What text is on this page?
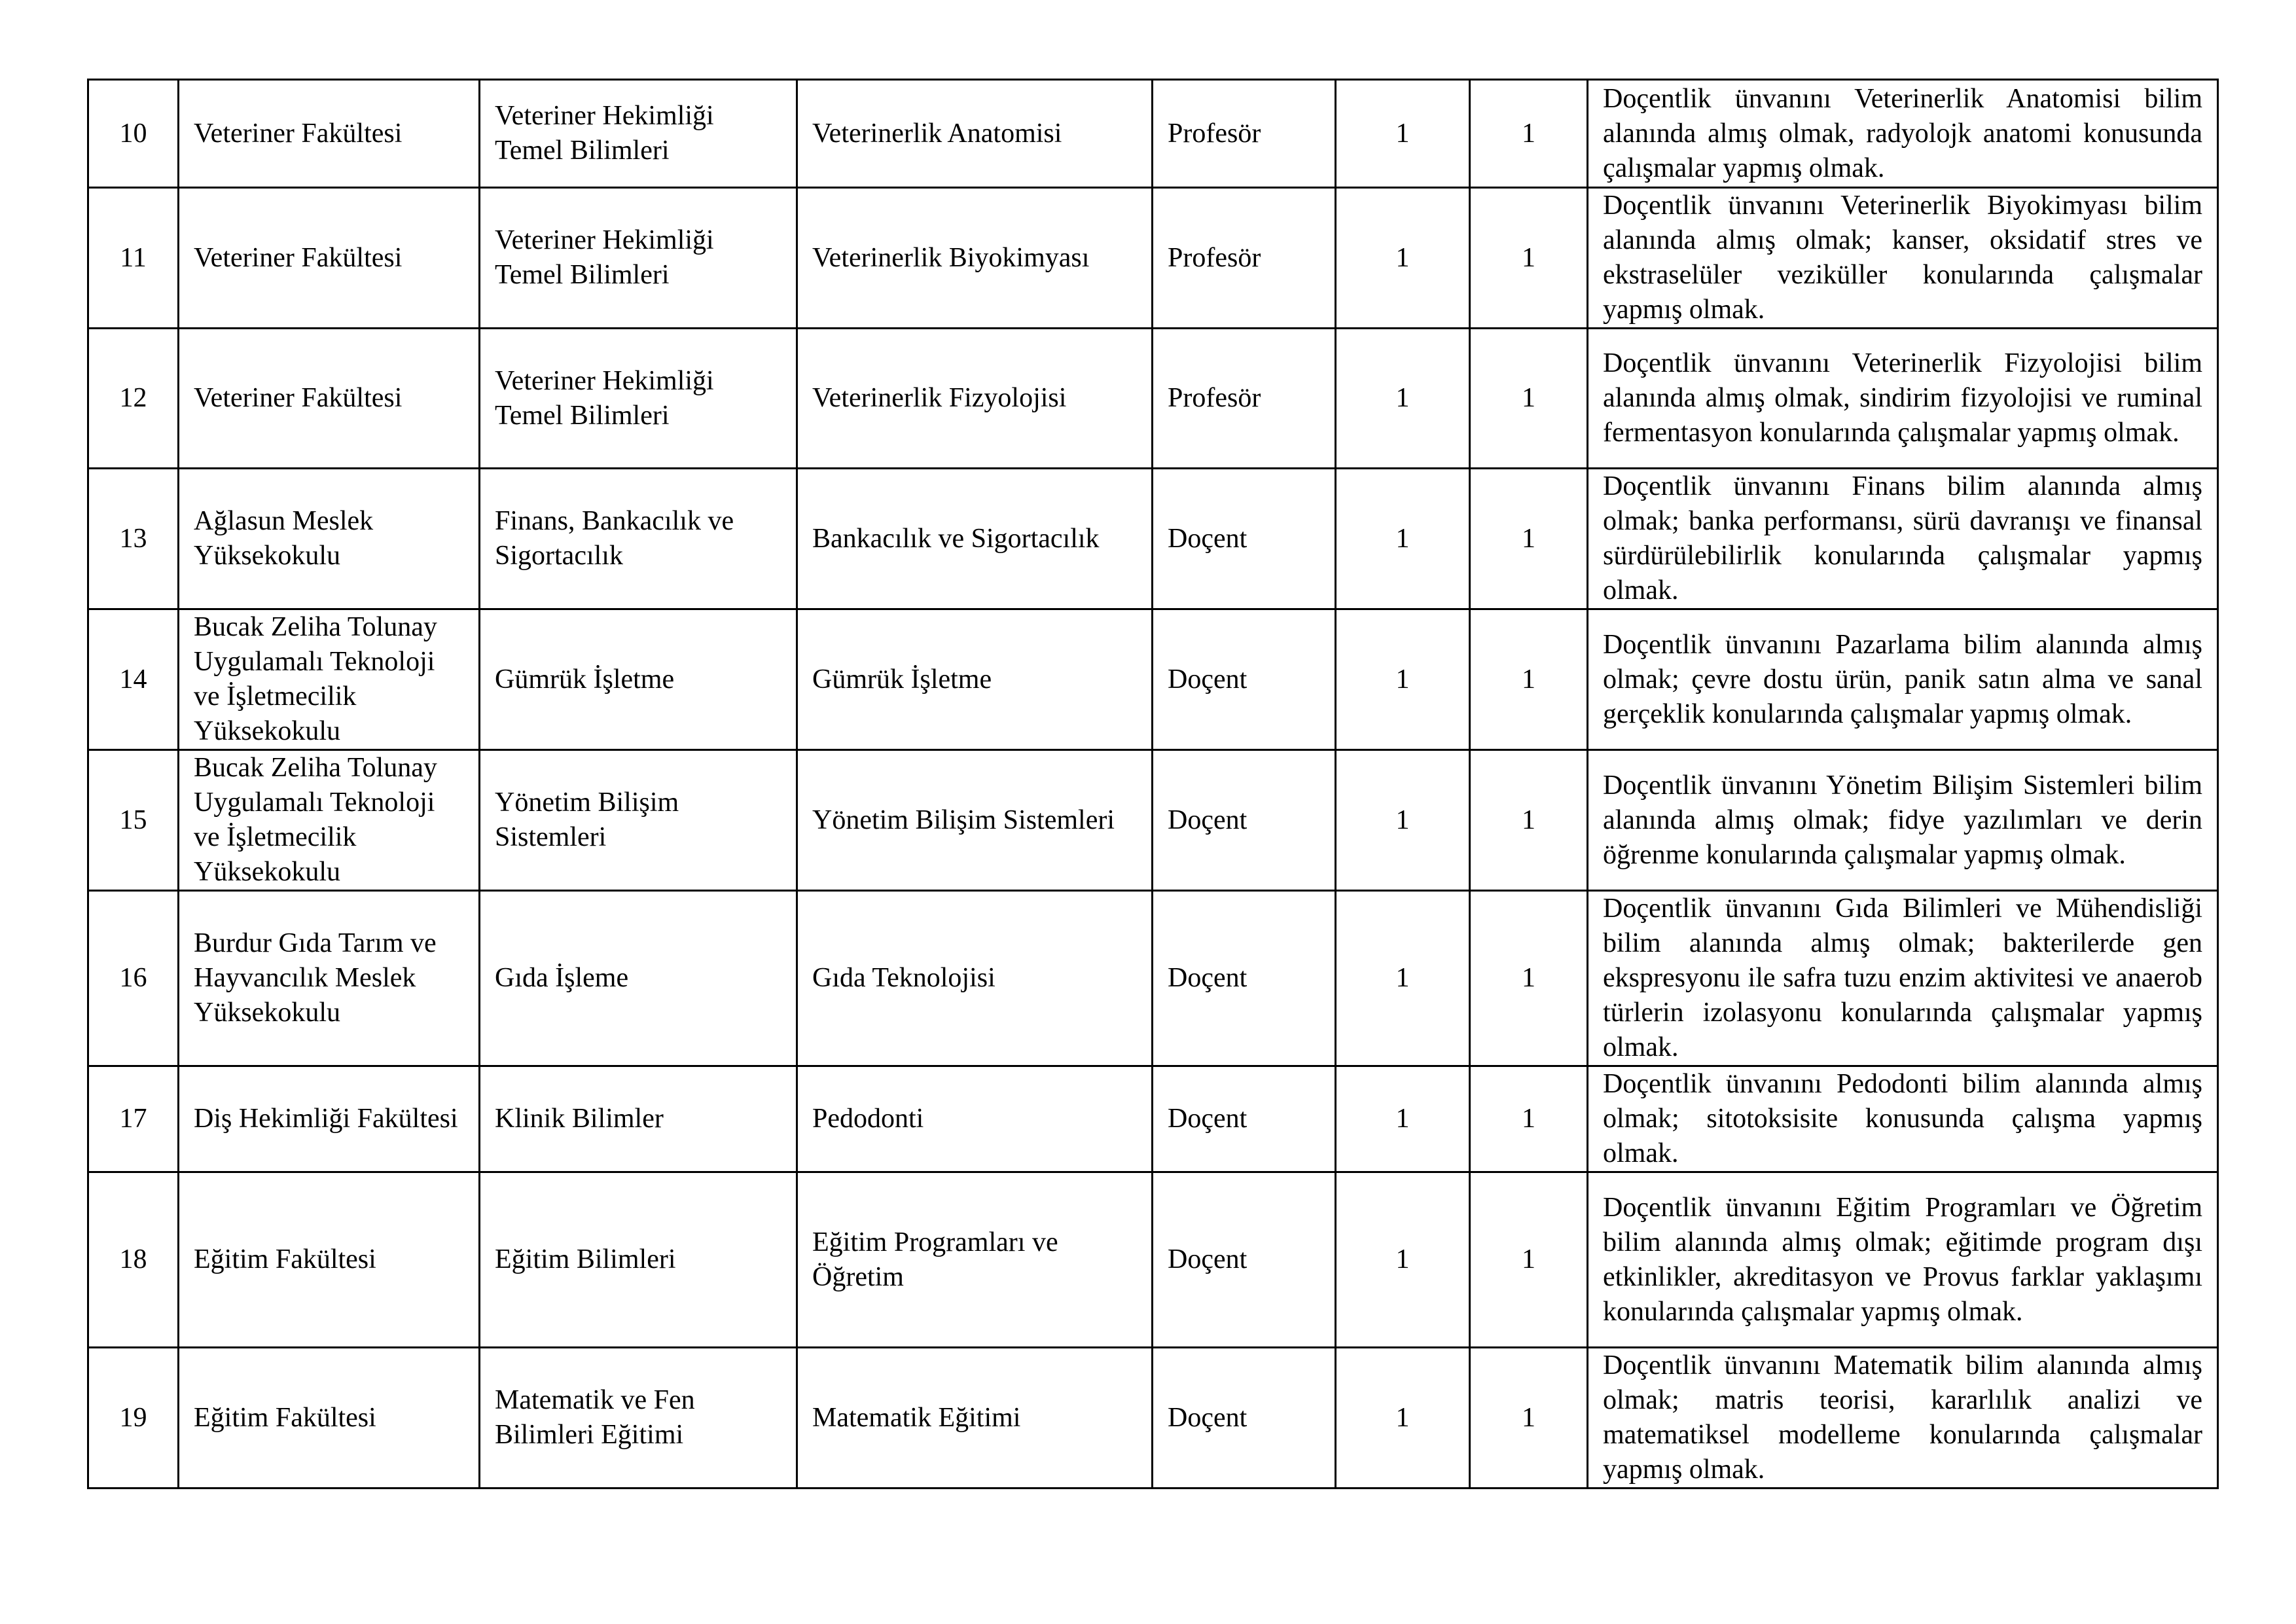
10	Veteriner Fakültesi	Veteriner Hekimliği Temel Bilimleri	Veterinerlik Anatomisi	Profesör	1	1	Doçentlik ünvanını Veterinerlik Anatomisi bilim alanında almış olmak, radyolojk anatomi konusunda çalışmalar yapmış olmak.
11	Veteriner Fakültesi	Veteriner Hekimliği Temel Bilimleri	Veterinerlik Biyokimyası	Profesör	1	1	Doçentlik ünvanını Veterinerlik Biyokimyası bilim alanında almış olmak; kanser, oksidatif stres ve ekstraselüler veziküller konularında çalışmalar yapmış olmak.
12	Veteriner Fakültesi	Veteriner Hekimliği Temel Bilimleri	Veterinerlik Fizyolojisi	Profesör	1	1	Doçentlik ünvanını Veterinerlik Fizyolojisi bilim alanında almış olmak, sindirim fizyolojisi ve ruminal fermentasyon konularında çalışmalar yapmış olmak.
13	Ağlasun Meslek Yüksekokulu	Finans, Bankacılık ve Sigortacılık	Bankacılık ve Sigortacılık	Doçent	1	1	Doçentlik ünvanını Finans bilim alanında almış olmak; banka performansı, sürü davranışı ve finansal sürdürülebilirlik konularında çalışmalar yapmış olmak.
14	Bucak Zeliha Tolunay Uygulamalı Teknoloji ve İşletmecilik Yüksekokulu	Gümrük İşletme	Gümrük İşletme	Doçent	1	1	Doçentlik ünvanını Pazarlama bilim alanında almış olmak; çevre dostu ürün, panik satın alma ve sanal gerçeklik konularında çalışmalar yapmış olmak.
15	Bucak Zeliha Tolunay Uygulamalı Teknoloji ve İşletmecilik Yüksekokulu	Yönetim Bilişim Sistemleri	Yönetim Bilişim Sistemleri	Doçent	1	1	Doçentlik ünvanını Yönetim Bilişim Sistemleri bilim alanında almış olmak; fidye yazılımları ve derin öğrenme konularında çalışmalar yapmış olmak.
16	Burdur Gıda Tarım ve Hayvancılık Meslek Yüksekokulu	Gıda İşleme	Gıda Teknolojisi	Doçent	1	1	Doçentlik ünvanını Gıda Bilimleri ve Mühendisliği bilim alanında almış olmak; bakterilerde gen ekspresyonu ile safra tuzu enzim aktivitesi ve anaerob türlerin izolasyonu konularında çalışmalar yapmış olmak.
17	Diş Hekimliği Fakültesi	Klinik Bilimler	Pedodonti	Doçent	1	1	Doçentlik ünvanını Pedodonti bilim alanında almış olmak; sitotoksisite konusunda çalışma yapmış olmak.
18	Eğitim Fakültesi	Eğitim Bilimleri	Eğitim Programları ve Öğretim	Doçent	1	1	Doçentlik ünvanını Eğitim Programları ve Öğretim bilim alanında almış olmak; eğitimde program dışı etkinlikler, akreditasyon ve Provus farklar yaklaşımı konularında çalışmalar yapmış olmak.
19	Eğitim Fakültesi	Matematik ve Fen Bilimleri Eğitimi	Matematik Eğitimi	Doçent	1	1	Doçentlik ünvanını Matematik bilim alanında almış olmak; matris teorisi, kararlılık analizi ve matematiksel modelleme konularında çalışmalar yapmış olmak.
